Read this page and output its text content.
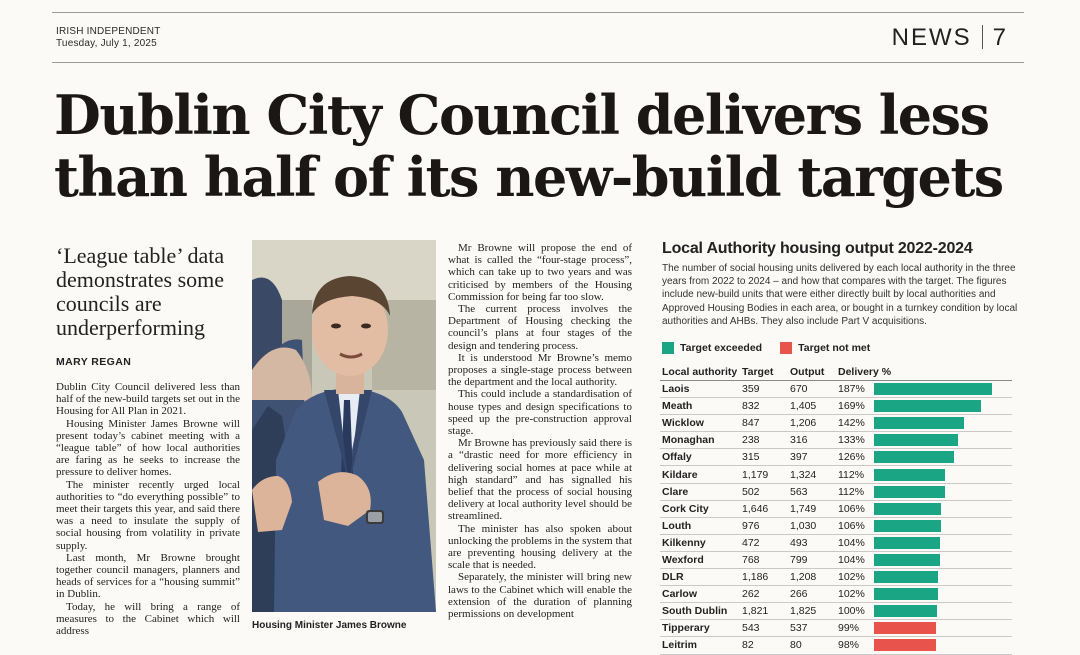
IRISH INDEPENDENT
Tuesday, July 1, 2025	NEWS 7
Dublin City Council delivers less than half of its new-build targets
‘League table’ data demonstrates some councils are underperforming
MARY REGAN

Dublin City Council delivered less than half of the new-build targets set out in the Housing for All Plan in 2021.

Housing Minister James Browne will present today’s cabinet meeting with a “league table” of how local authorities are faring as he seeks to increase the pressure to deliver homes.

The minister recently urged local authorities to “do everything possible” to meet their targets this year, and said there was a need to insulate the supply of social housing from volatility in private supply.

Last month, Mr Browne brought together council managers, planners and heads of services for a “housing summit” in Dublin.

Today, he will bring a range of measures to the Cabinet which will address	Housing Minister James Browne

Mr Browne will propose the end of what is called the “four-stage process”, which can take up to two years and was criticised by members of the Housing Commission for being far too slow.

The current process involves the Department of Housing checking the council’s plans at four stages of the design and tendering process.

It is understood Mr Browne’s memo proposes a single-stage process between the department and the local authority.

This could include a standardisation of house types and design specifications to speed up the pre-construction approval stage.

Mr Browne has previously said there is a “drastic need for more efficiency in delivering social homes at pace while at high standard” and has signalled his belief that the process of social housing delivery at local authority level should be streamlined.

The minister has also spoken about unlocking the problems in the system that are preventing housing delivery at the scale that is needed.

Separately, the minister will bring new laws to the Cabinet which will enable the extension of the duration of planning permissions on development

Local Authority housing output 2022-2024
The number of social housing units delivered by each local authority in the three years from 2022 to 2024 – and how that compares with the target. The figures include new-build units that were either directly built by local authorities and Approved Housing Bodies in each area, or bought in a turnkey condition by local authorities and AHBs. They also include Part V acquisitions.
Target exceeded	Target not met
Local authority Target	Output	Delivery %
Laois	359	670	187%
Meath	832	1,405	169%
Wicklow	847	1,206	142%
Monaghan	238	316	133%
Offaly	315	397	126%
Kildare	1,179	1,324	112%
Clare	502	563	112%
Cork City	1,646	1,749	106%
Louth	976	1,030	106%
Kilkenny	472	493	104%
Wexford	768	799	104%
DLR	1,186	1,208	102%
Carlow	262	266	102%
South Dublin	1,821	1,825	100%
Tipperary	543	537	99%
Leitrim	82	80	98%
